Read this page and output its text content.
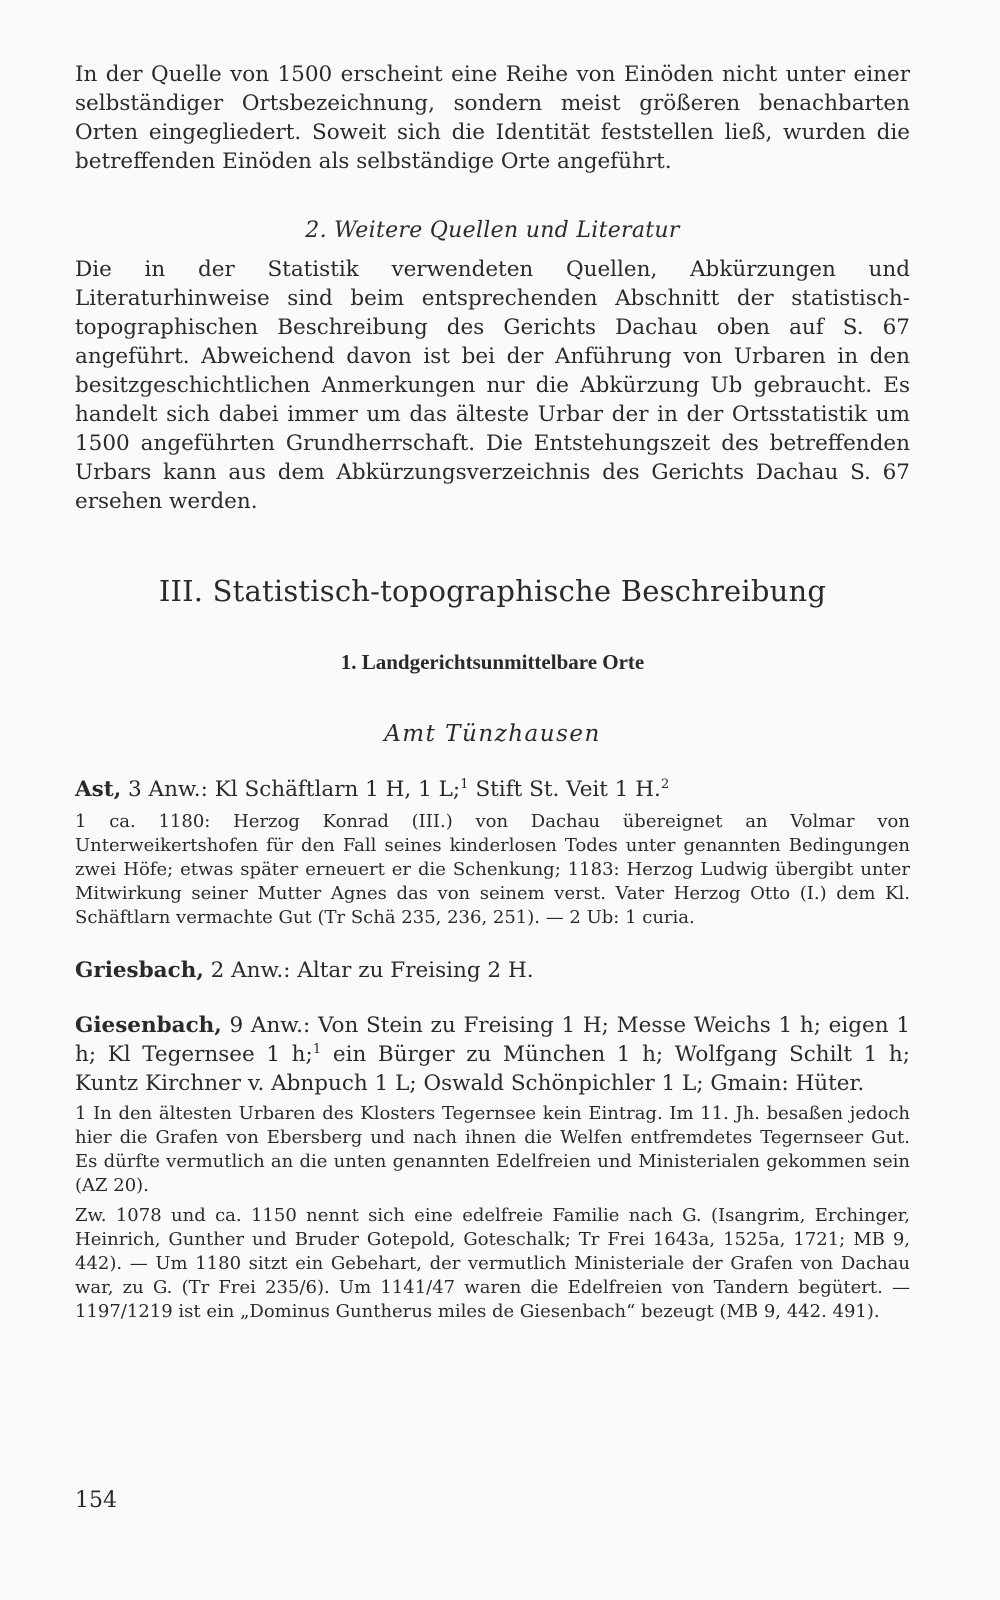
In der Quelle von 1500 erscheint eine Reihe von Einöden nicht unter einer selbständiger Ortsbezeichnung, sondern meist größeren benachbarten Orten eingegliedert. Soweit sich die Identität feststellen ließ, wurden die betreffenden Einöden als selbständige Orte angeführt.

2. Weitere Quellen und Literatur

Die in der Statistik verwendeten Quellen, Abkürzungen und Literaturhinweise sind beim entsprechenden Abschnitt der statistisch-topographischen Beschreibung des Gerichts Dachau oben auf S. 67 angeführt. Abweichend davon ist bei der Anführung von Urbaren in den besitzgeschichtlichen Anmerkungen nur die Abkürzung Ub gebraucht. Es handelt sich dabei immer um das älteste Urbar der in der Ortsstatistik um 1500 angeführten Grundherrschaft. Die Entstehungszeit des betreffenden Urbars kann aus dem Abkürzungsverzeichnis des Gerichts Dachau S. 67 ersehen werden.

III. Statistisch-topographische Beschreibung
1. Landgerichtsunmittelbare Orte
Amt Tünzhausen

Ast, 3 Anw.: Kl Schäftlarn 1 H, 1 L;$^1$ Stift St. Veit 1 H.$^2$

1 ca. 1180: Herzog Konrad (III.) von Dachau übereignet an Volmar von Unterweikertshofen für den Fall seines kinderlosen Todes unter genannten Bedingungen zwei Höfe; etwas später erneuert er die Schenkung; 1183: Herzog Ludwig übergibt unter Mitwirkung seiner Mutter Agnes das von seinem verst. Vater Herzog Otto (I.) dem Kl. Schäftlarn vermachte Gut (Tr Schä 235, 236, 251). — 2 Ub: 1 curia.

Griesbach, 2 Anw.: Altar zu Freising 2 H.

Giesenbach, 9 Anw.: Von Stein zu Freising 1 H; Messe Weichs 1 h; eigen 1 h; Kl Tegernsee 1 h;$^1$ ein Bürger zu München 1 h; Wolfgang Schilt 1 h; Kuntz Kirchner v. Abnpuch 1 L; Oswald Schönpichler 1 L; Gmain: Hüter.

1 In den ältesten Urbaren des Klosters Tegernsee kein Eintrag. Im 11. Jh. besaßen jedoch hier die Grafen von Ebersberg und nach ihnen die Welfen entfremdetes Tegernseer Gut. Es dürfte vermutlich an die unten genannten Edelfreien und Ministerialen gekommen sein (AZ 20).

Zw. 1078 und ca. 1150 nennt sich eine edelfreie Familie nach G. (Isangrim, Erchinger, Heinrich, Gunther und Bruder Gotepold, Goteschalk; Tr Frei 1643a, 1525a, 1721; MB 9, 442). — Um 1180 sitzt ein Gebehart, der vermutlich Ministeriale der Grafen von Dachau war, zu G. (Tr Frei 235/6). Um 1141/47 waren die Edelfreien von Tandern begütert. — 1197/1219 ist ein „Dominus Guntherus miles de Giesenbach“ bezeugt (MB 9, 442. 491).

154
